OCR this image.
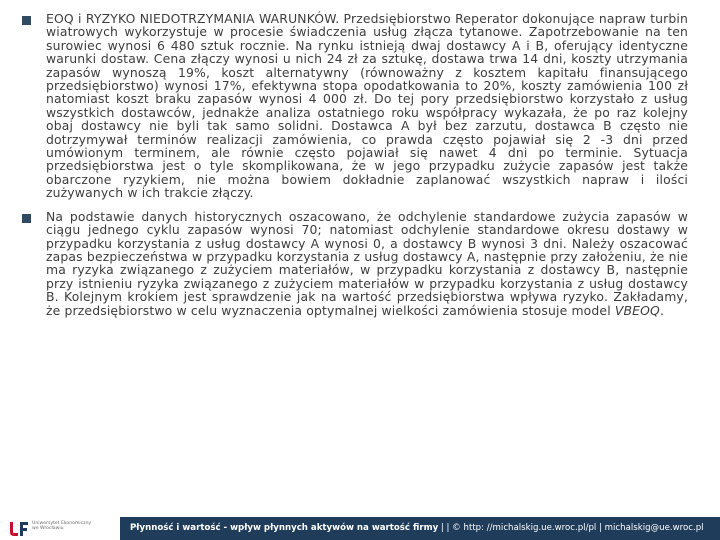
EOQ i RYZYKO NIEDOTRZYMANIA WARUNKÓW. Przedsiębiorstwo Reperator dokonujące napraw turbin wiatrowych wykorzystuje w procesie świadczenia usług złącza tytanowe. Zapotrzebowanie na ten surowiec wynosi 6 480 sztuk rocznie. Na rynku istnieją dwaj dostawcy A i B, oferujący identyczne warunki dostaw. Cena złączy wynosi u nich 24 zł za sztukę, dostawa trwa 14 dni, koszty utrzymania zapasów wynoszą 19%, koszt alternatywny (równoważny z kosztem kapitału finansującego przedsiębiorstwo) wynosi 17%, efektywna stopa opodatkowania to 20%, koszty zamówienia 100 zł natomiast koszt braku zapasów wynosi 4 000 zł. Do tej pory przedsiębiorstwo korzystało z usług wszystkich dostawców, jednakże analiza ostatniego roku współpracy wykazała, że po raz kolejny obaj dostawcy nie byli tak samo solidni. Dostawca A był bez zarzutu, dostawca B często nie dotrzymywał terminów realizacji zamówienia, co prawda często pojawiał się 2 -3 dni przed umówionym terminem, ale równie często pojawiał się nawet 4 dni po terminie. Sytuacja przedsiębiorstwa jest o tyle skomplikowana, że w jego przypadku zużycie zapasów jest także obarczone ryzykiem, nie można bowiem dokładnie zaplanować wszystkich napraw i ilości zużywanych w ich trakcie złączy.
Na podstawie danych historycznych oszacowano, że odchylenie standardowe zużycia zapasów w ciągu jednego cyklu zapasów wynosi 70; natomiast odchylenie standardowe okresu dostawy w przypadku korzystania z usług dostawcy A wynosi 0, a dostawcy B wynosi 3 dni. Należy oszacować zapas bezpieczeństwa w przypadku korzystania z usług dostawcy A, następnie przy założeniu, że nie ma ryzyka związanego z zużyciem materiałów, w przypadku korzystania z dostawcy B, następnie przy istnieniu ryzyka związanego z zużyciem materiałów w przypadku korzystania z usług dostawcy B. Kolejnym krokiem jest sprawdzenie jak na wartość przedsiębiorstwa wpływa ryzyko. Zakładamy, że przedsiębiorstwo w celu wyznaczenia optymalnej wielkości zamówienia stosuje model VBEOQ.
Uniwersytet Ekonomiczny
we Wrocławiu	Płynność i wartość - wpływ płynnych aktywów na wartość firmy | | © http: //michalskig.ue.wroc.pl/pl | michalskig@ue.wroc.pl
